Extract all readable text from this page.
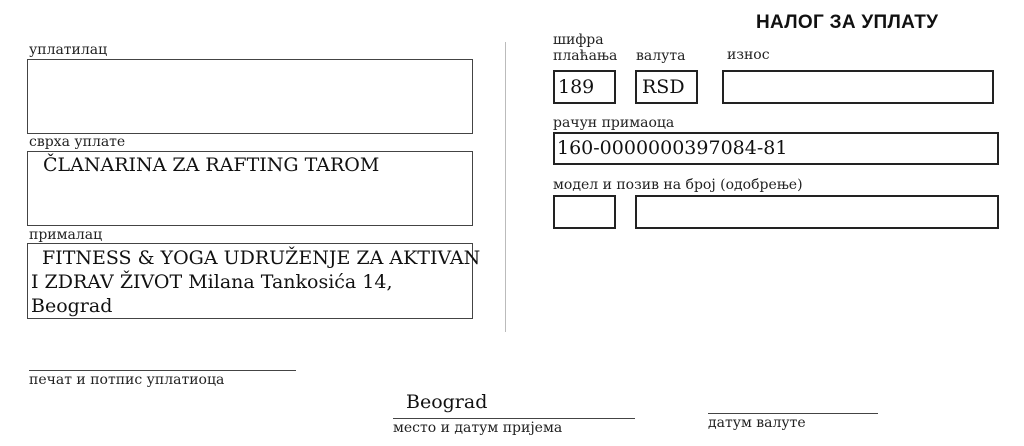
НАЛОГ ЗА УПЛАТУ
уплатилац
сврха уплате
ČLANARINA ZA RAFTING TAROM
прималац
FITNESS & YOGA UDRUŽENJE ZA AKTIVAN
I ZDRAV ŽIVOT Milana Tankosića 14,
Beograd
шифра
плаћања
189
валута
RSD
износ
рачун примаоца
160-0000000397084-81
модел и позив на број (одобрење)
печат и потпис уплатиоца
Beograd
место и датум пријема	датум валуте
